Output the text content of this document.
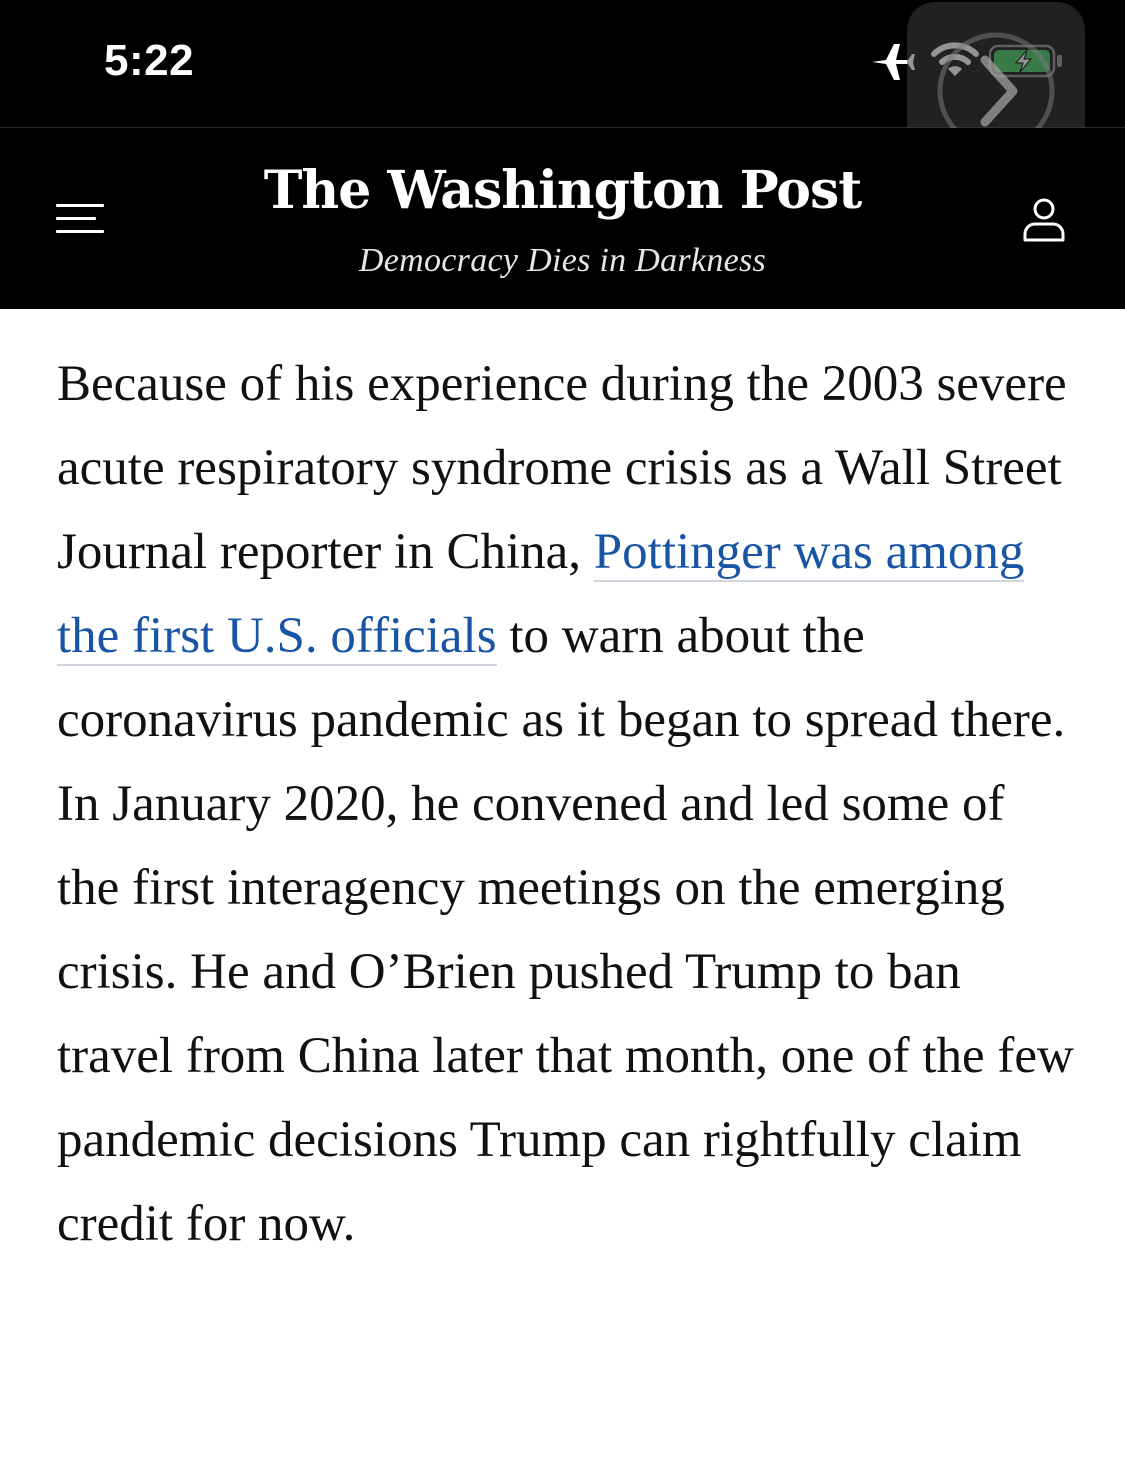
5:22
The Washington Post
Democracy Dies in Darkness

Because of his experience during the 2003 severe acute respiratory syndrome crisis as a Wall Street Journal reporter in China, Pottinger was among the first U.S. officials to warn about the coronavirus pandemic as it began to spread there. In January 2020, he convened and led some of the first interagency meetings on the emerging crisis. He and O’Brien pushed Trump to ban travel from China later that month, one of the few pandemic decisions Trump can rightfully claim credit for now.
